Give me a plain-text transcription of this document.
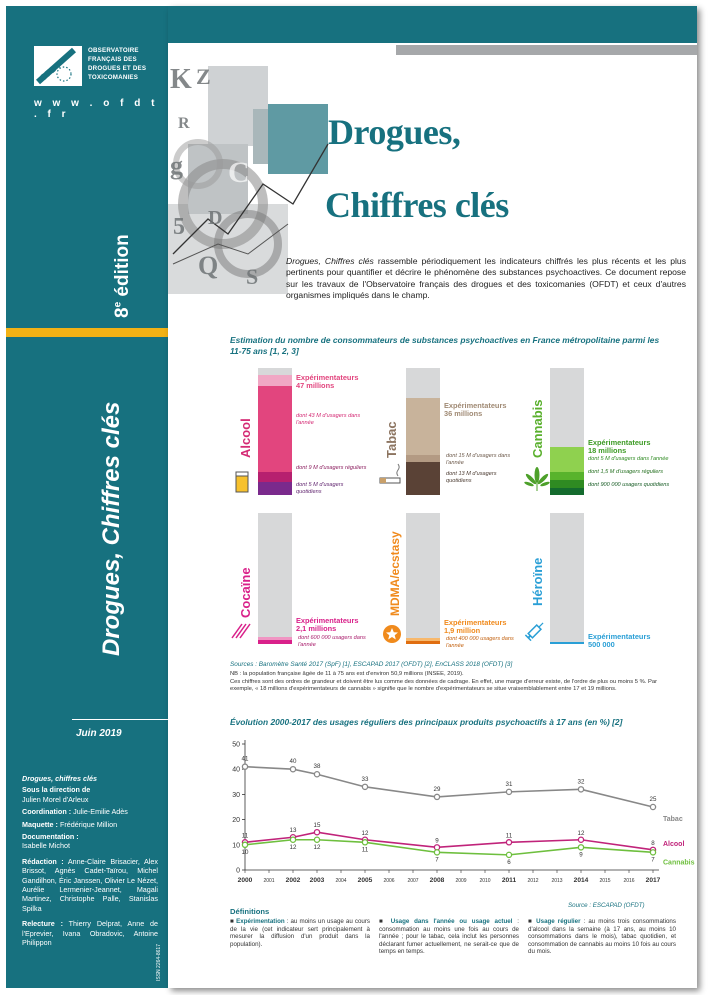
OFDT
OBSERVATOIRE
FRANÇAIS DES
DROGUES ET DES
TOXICOMANIES
w w w . o f d t . f r
8e édition
Drogues, Chiffres clés
Juin 2019

Drogues, chiffres clés

Sous la direction de
Julien Morel d'Arleux

Coordination : Julie-Emilie Adès

Maquette : Frédérique Million

Documentation :
Isabelle Michot

Rédaction : Anne-Claire Brisacier, Alex Brissot, Agnès Cadet-Taïrou, Michel Gandilhon, Éric Janssen, Olivier Le Nézet, Aurélie Lermenier-Jeannet, Magali Martinez, Christophe Palle, Stanislas Spilka

Relecture : Thierry Delprat, Anne de l'Eprevier, Ivana Obradovic, Antoine Philippon

ISSN 2264-8617
K Z
R
g C
5 D
Q S
Drogues,
Chiffres clés
Drogues, Chiffres clés rassemble périodiquement les indicateurs chiffrés les plus récents et les plus pertinents pour quantifier et décrire le phénomène des substances psychoactives. Ce document repose sur les travaux de l'Observatoire français des drogues et des toxicomanies (OFDT) et ceux d'autres organismes impliqués dans le champ.
Estimation du nombre de consommateurs de substances psychoactives en France métropolitaine parmi les 11-75 ans [1, 2, 3]
Alcool
Expérimentateurs
47 millions
dont 43 M d'usagers dans l'année
dont 9 M d'usagers réguliers
dont 5 M d'usagers quotidiens
Tabac
Expérimentateurs
36 millions
dont 15 M d'usagers dans l'année
dont 13 M d'usagers quotidiens
Cannabis	Expérimentateurs
18 millions
dont 5 M d'usagers dans l'année
dont 1,5 M d'usagers réguliers
dont 900 000 usagers quotidiens
Cocaïne
Expérimentateurs
2,1 millions
dont 600 000 usagers dans l'année
MDMA/ecstasy
Expérimentateurs
1,9 million
dont 400 000 usagers dans l'année
Héroïne
Expérimentateurs
500 000
Sources : Baromètre Santé 2017 (SpF) [1], ESCAPAD 2017 (OFDT) [2], EnCLASS 2018 (OFDT) [3]
NB : la population française âgée de 11 à 75 ans est d'environ 50,9 millions (INSEE, 2019).
Ces chiffres sont des ordres de grandeur et doivent être lus comme des données de cadrage. En effet, une marge d'erreur existe, de l'ordre de plus ou moins 5 %. Par exemple, « 18 millions d'expérimentateurs de cannabis » signifie que le nombre d'expérimentateurs se situe vraisemblablement entre 17 et 19 millions.
Évolution 2000-2017 des usages réguliers des principaux produits psychoactifs à 17 ans (en %) [2]
0
10
20
30
40
50
2000 2001 2002 2003 2004 2005 2006	2007 2008 2009	2010 2011 2012	2013 2014 2015	2016 2017
41	40
38
33
29
31	32
25
Tabac
11
13
15
12
9
11	12
8 Alcool
10
12	12	11
7	6
9
7 Cannabis
Source : ESCAPAD (OFDT)
Définitions
■ Expérimentation : au moins un usage au cours de la vie (cet indicateur sert principalement à mesurer la diffusion d'un produit dans la population).
■ Usage dans l'année ou usage actuel : consommation au moins une fois au cours de l'année ; pour le tabac, cela inclut les personnes déclarant fumer actuellement, ne serait-ce que de temps en temps.
■ Usage régulier : au moins trois consommations d'alcool dans la semaine (à 17 ans, au moins 10 consommations dans le mois), tabac quotidien, et consommation de cannabis au moins 10 fois au cours du mois.
